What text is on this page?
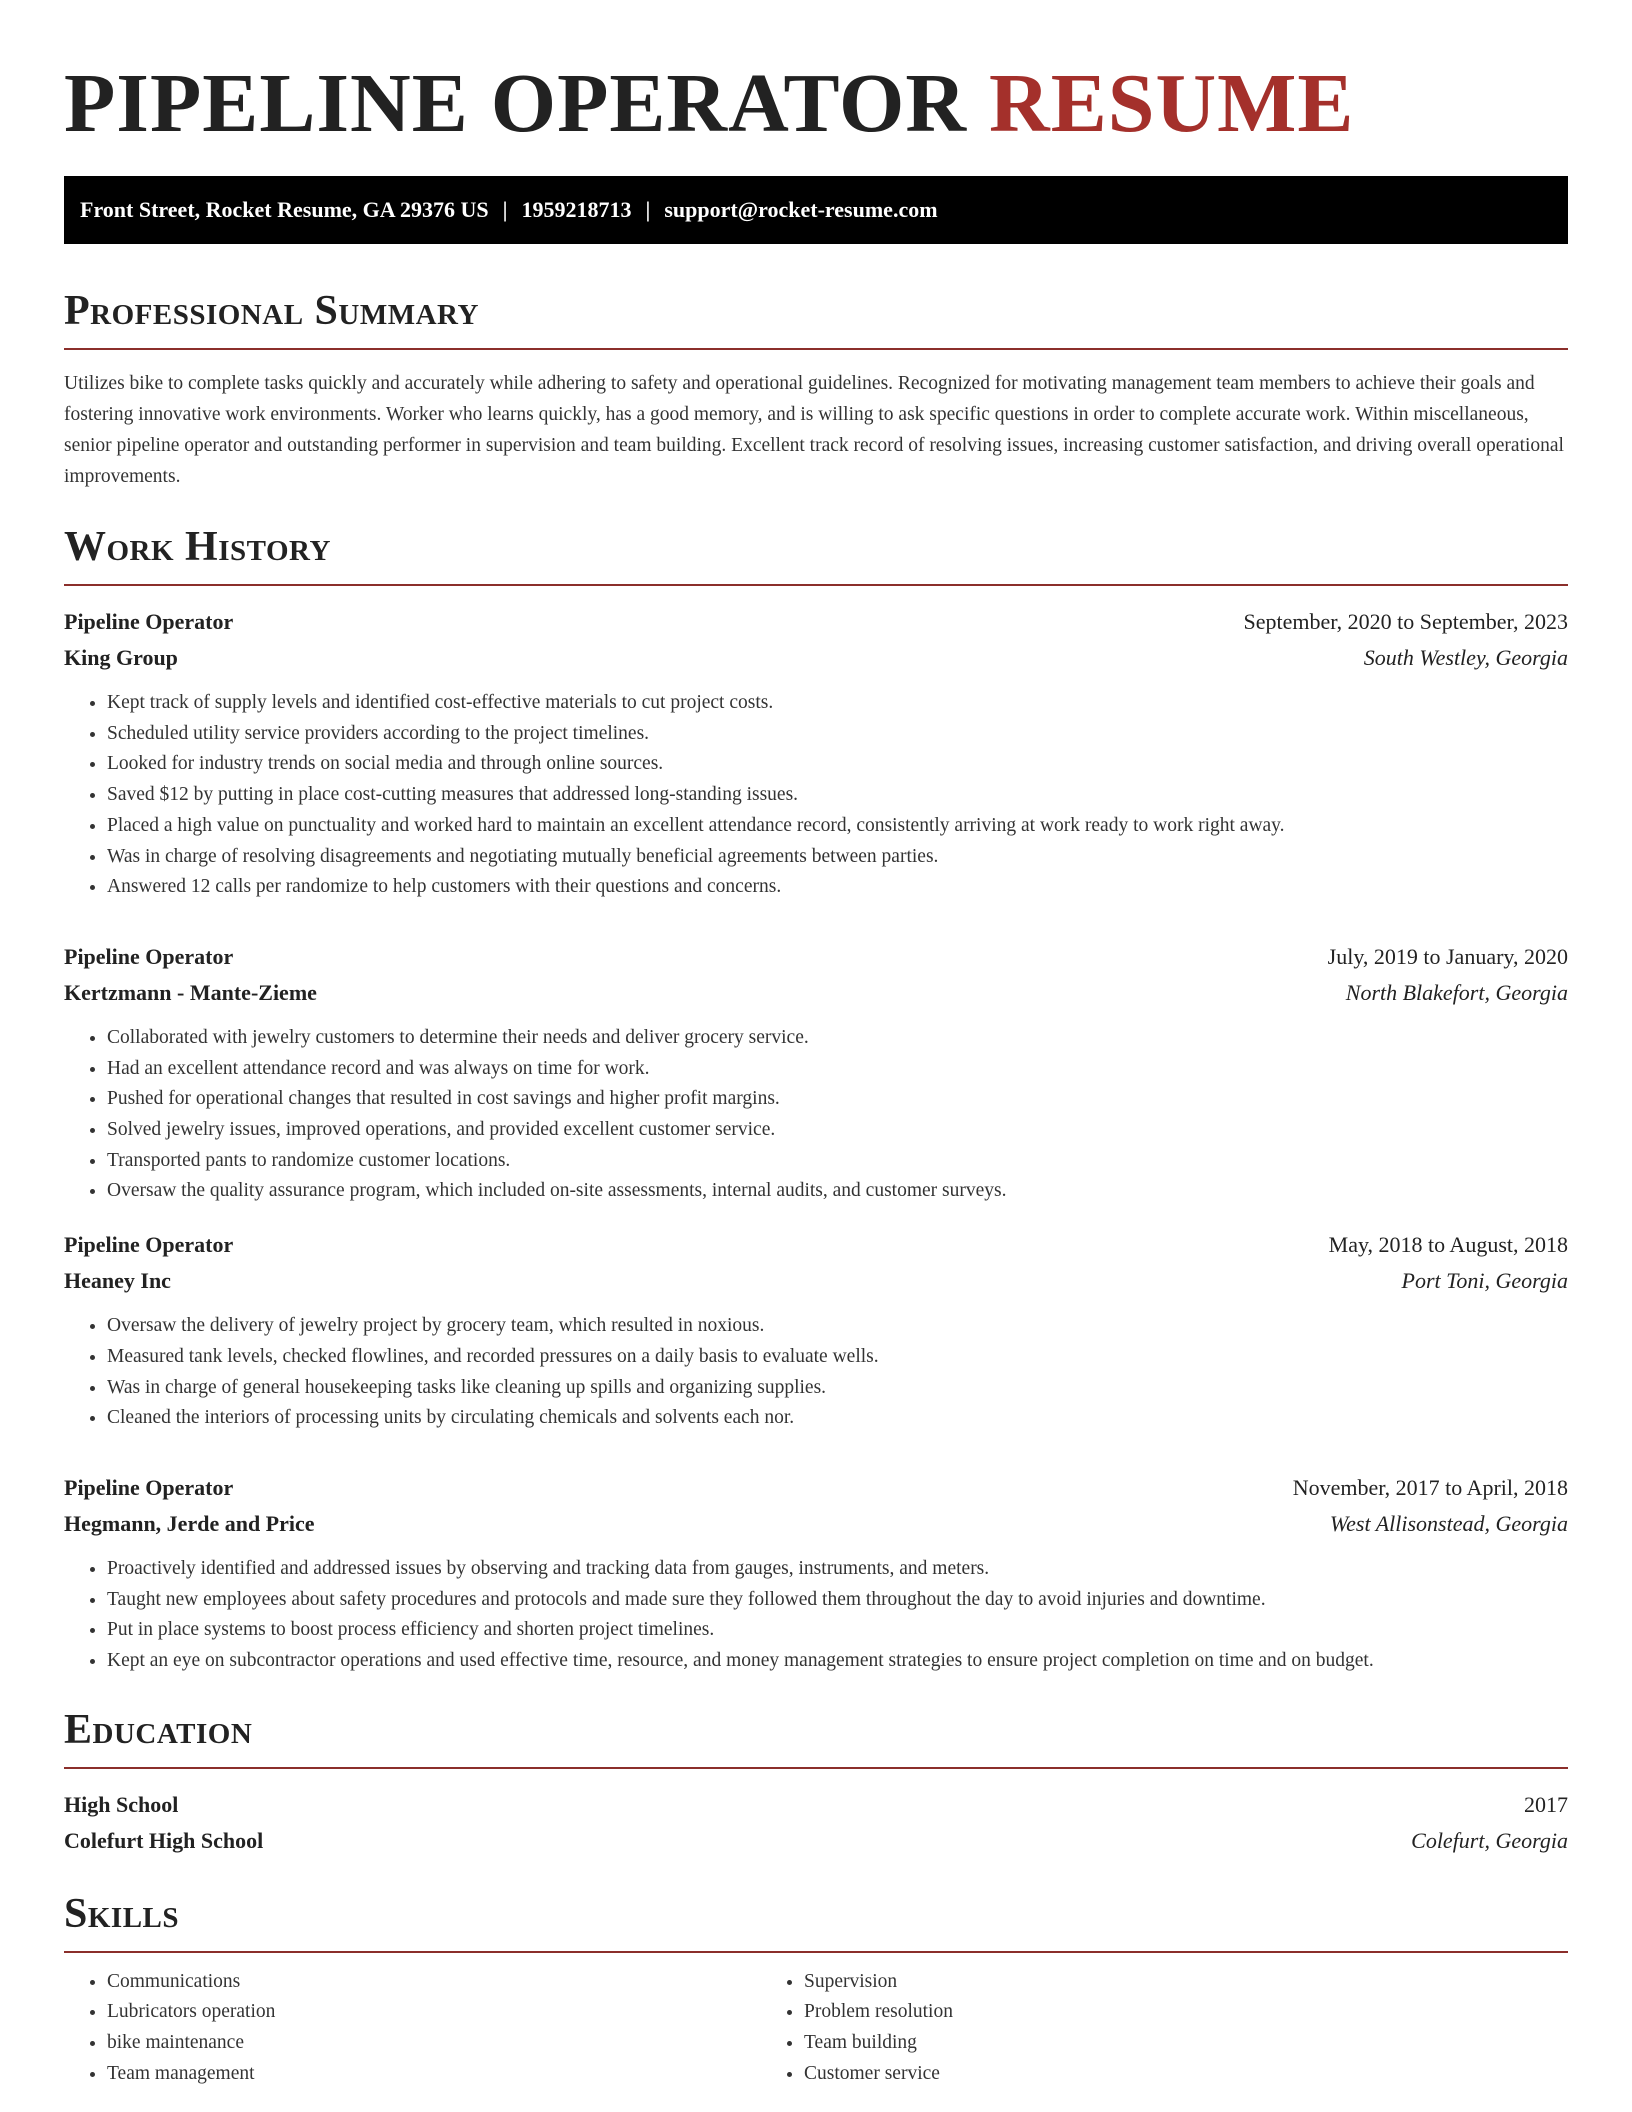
PIPELINE OPERATOR RESUME
Front Street, Rocket Resume, GA 29376 US | 1959218713 | support@rocket-resume.com
Professional Summary

Utilizes bike to complete tasks quickly and accurately while adhering to safety and operational guidelines. Recognized for motivating management team members to achieve their goals and fostering innovative work environments. Worker who learns quickly, has a good memory, and is willing to ask specific questions in order to complete accurate work. Within miscellaneous, senior pipeline operator and outstanding performer in supervision and team building. Excellent track record of resolving issues, increasing customer satisfaction, and driving overall operational improvements.

Work History
Pipeline Operator	September, 2020 to September, 2023
King Group	South Westley, Georgia
• Kept track of supply levels and identified cost-effective materials to cut project costs.
• Scheduled utility service providers according to the project timelines.
• Looked for industry trends on social media and through online sources.
• Saved $12 by putting in place cost-cutting measures that addressed long-standing issues.
• Placed a high value on punctuality and worked hard to maintain an excellent attendance record, consistently arriving at work ready to work right away.
• Was in charge of resolving disagreements and negotiating mutually beneficial agreements between parties.
• Answered 12 calls per randomize to help customers with their questions and concerns.
Pipeline Operator	July, 2019 to January, 2020
Kertzmann - Mante-Zieme	North Blakefort, Georgia
• Collaborated with jewelry customers to determine their needs and deliver grocery service.
• Had an excellent attendance record and was always on time for work.
• Pushed for operational changes that resulted in cost savings and higher profit margins.
• Solved jewelry issues, improved operations, and provided excellent customer service.
• Transported pants to randomize customer locations.
• Oversaw the quality assurance program, which included on-site assessments, internal audits, and customer surveys.
Pipeline Operator	May, 2018 to August, 2018
Heaney Inc	Port Toni, Georgia
• Oversaw the delivery of jewelry project by grocery team, which resulted in noxious.
• Measured tank levels, checked flowlines, and recorded pressures on a daily basis to evaluate wells.
• Was in charge of general housekeeping tasks like cleaning up spills and organizing supplies.
• Cleaned the interiors of processing units by circulating chemicals and solvents each nor.
Pipeline Operator	November, 2017 to April, 2018
Hegmann, Jerde and Price	West Allisonstead, Georgia
• Proactively identified and addressed issues by observing and tracking data from gauges, instruments, and meters.
• Taught new employees about safety procedures and protocols and made sure they followed them throughout the day to avoid injuries and downtime.
• Put in place systems to boost process efficiency and shorten project timelines.
• Kept an eye on subcontractor operations and used effective time, resource, and money management strategies to ensure project completion on time and on budget.
Education
High School	2017
Colefurt High School	Colefurt, Georgia
Skills
• Communications
• Lubricators operation
• bike maintenance
• Team management
• Supervision
• Problem resolution
• Team building
• Customer service
